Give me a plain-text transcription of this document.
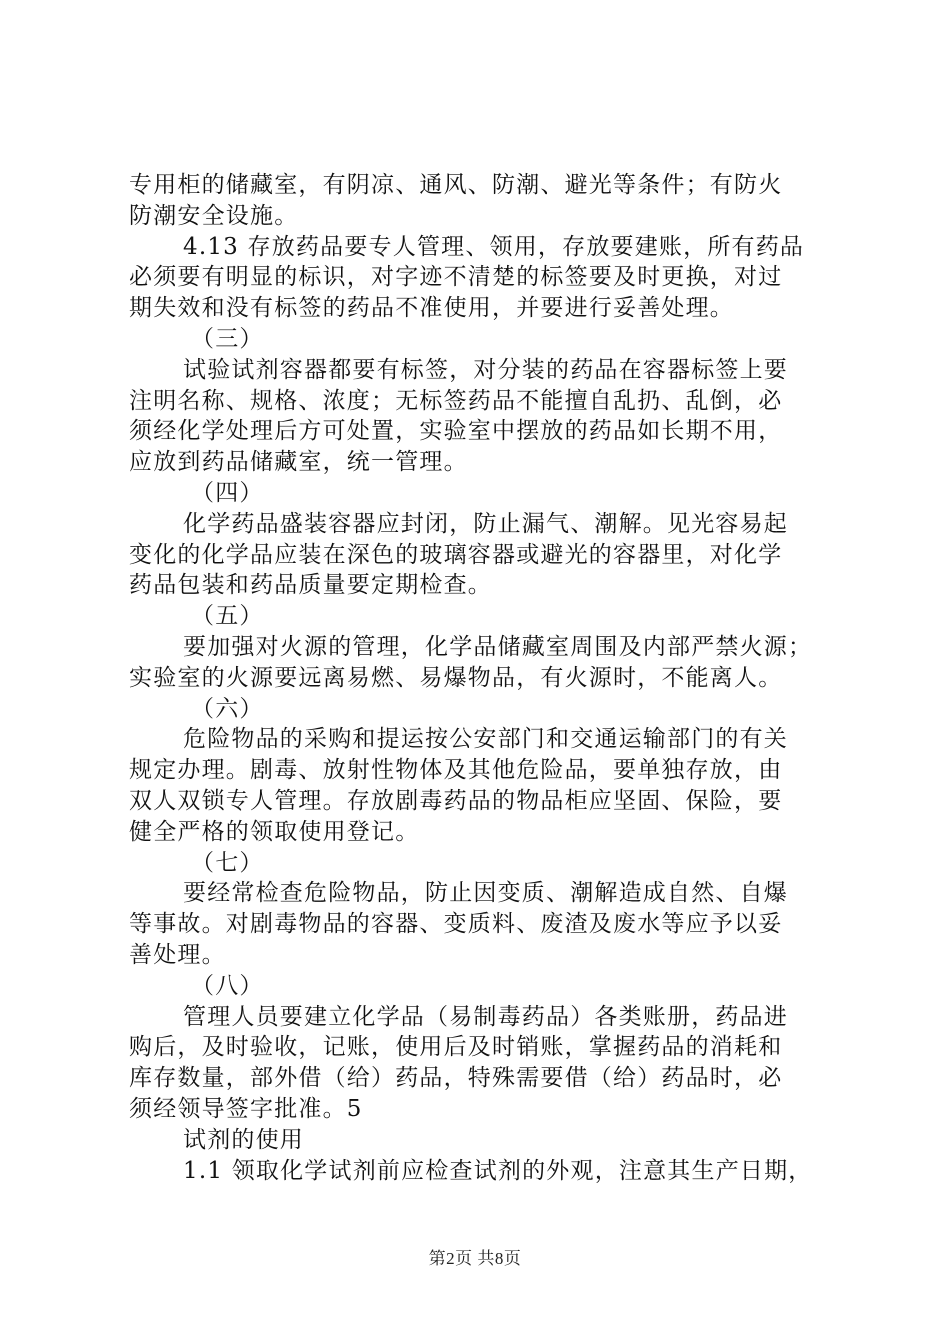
专用柜的储藏室，有阴凉、通风、防潮、避光等条件；有防火
防潮安全设施。
4.13 存放药品要专人管理、领用，存放要建账，所有药品
必须要有明显的标识，对字迹不清楚的标签要及时更换，对过
期失效和没有标签的药品不准使用，并要进行妥善处理。
（三）
试验试剂容器都要有标签，对分装的药品在容器标签上要
注明名称、规格、浓度；无标签药品不能擅自乱扔、乱倒，必
须经化学处理后方可处置，实验室中摆放的药品如长期不用，
应放到药品储藏室，统一管理。
（四）
化学药品盛装容器应封闭，防止漏气、潮解。见光容易起
变化的化学品应装在深色的玻璃容器或避光的容器里，对化学
药品包装和药品质量要定期检查。
（五）
要加强对火源的管理，化学品储藏室周围及内部严禁火源；
实验室的火源要远离易燃、易爆物品，有火源时，不能离人。
（六）
危险物品的采购和提运按公安部门和交通运输部门的有关
规定办理。剧毒、放射性物体及其他危险品，要单独存放，由
双人双锁专人管理。存放剧毒药品的物品柜应坚固、保险，要
健全严格的领取使用登记。
（七）
要经常检查危险物品，防止因变质、潮解造成自然、自爆
等事故。对剧毒物品的容器、变质料、废渣及废水等应予以妥
善处理。
（八）
管理人员要建立化学品（易制毒药品）各类账册，药品进
购后，及时验收，记账，使用后及时销账，掌握药品的消耗和
库存数量，部外借（给）药品，特殊需要借（给）药品时，必
须经领导签字批准。5
试剂的使用
1.1 领取化学试剂前应检查试剂的外观，注意其生产日期，
第2页 共8页
